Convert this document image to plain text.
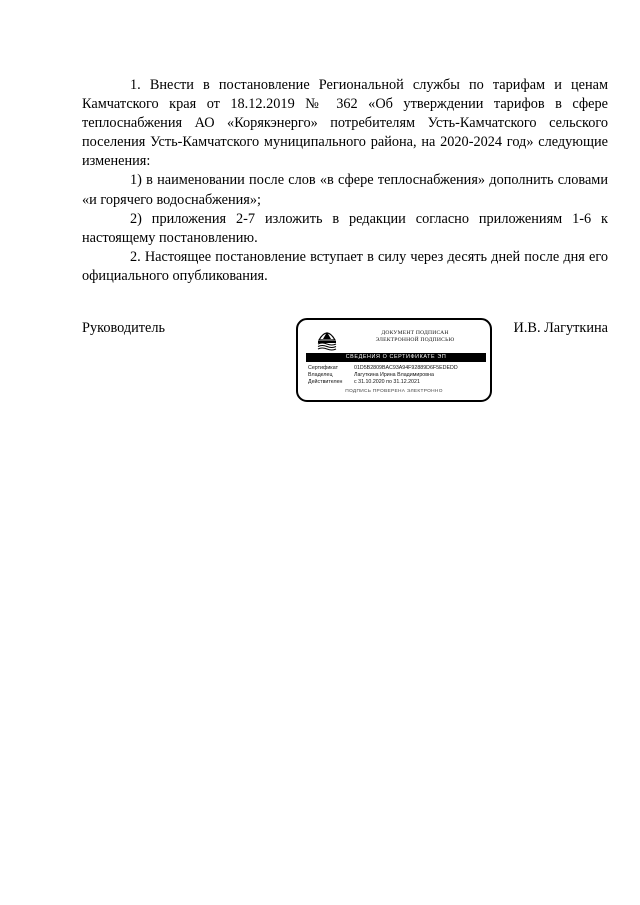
1. Внести в постановление Региональной службы по тарифам и ценам Камчатского края от 18.12.2019 № 362 «Об утверждении тарифов в сфере теплоснабжения АО «Корякэнерго» потребителям Усть-Камчатского сельского поселения Усть-Камчатского муниципального района, на 2020-2024 год» следующие изменения:

1) в наименовании после слов «в сфере теплоснабжения» дополнить словами «и горячего водоснабжения»;

2) приложения 2-7 изложить в редакции согласно приложениям 1-6 к настоящему постановлению.

2. Настоящее постановление вступает в силу через десять дней после дня его официального опубликования.

Руководитель	ДОКУМЕНТ ПОДПИСАН
ЭЛЕКТРОННОЙ ПОДПИСЬЮ
СВЕДЕНИЯ О СЕРТИФИКАТЕ ЭП
Сертификат	01D5B2809BAC93A94F92889D6F5EDEDD
Владелец	Лагуткина Ирина Владимировна
Действителен	с 31.10.2020 по 31.12.2021
ПОДПИСЬ ПРОВЕРЕНА ЭЛЕКТРОННО
И.В. Лагуткина
